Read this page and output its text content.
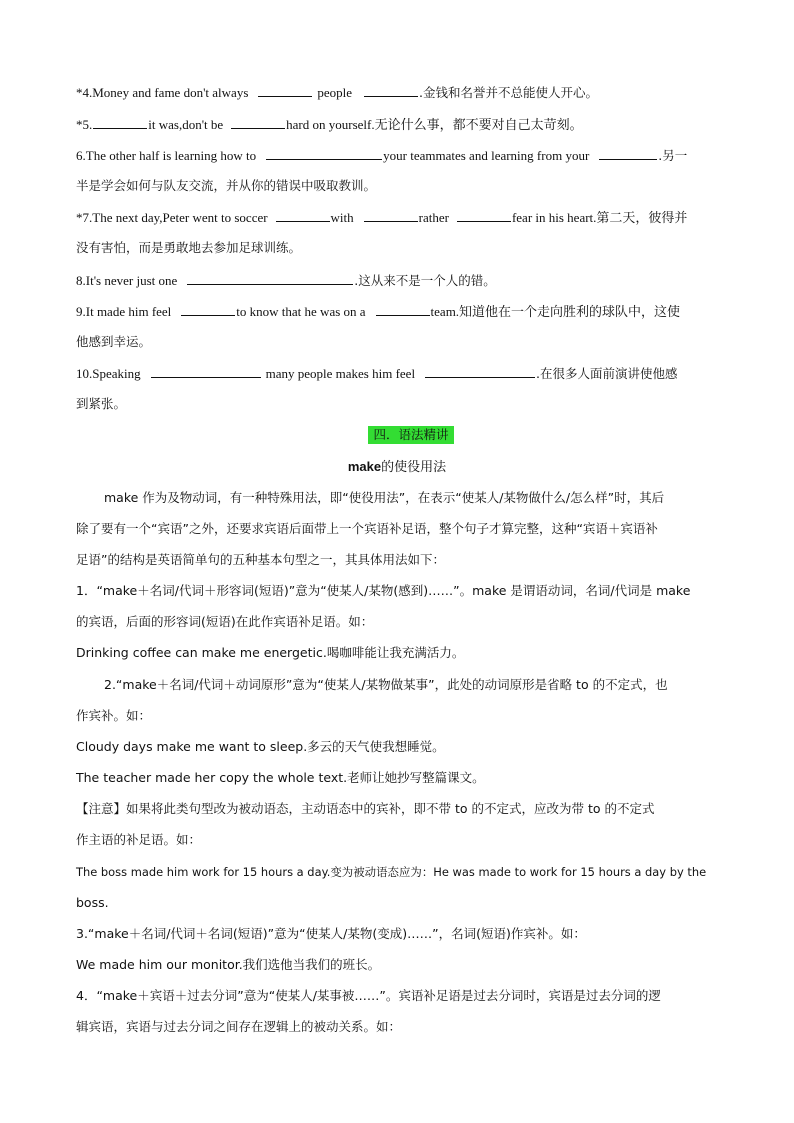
*4.Money and fame don't always	people	.金钱和名誉并不总能使人开心。
*5.	it was,don't be	hard on yourself.无论什么事，都不要对自己太苛刻。
6.The other half is learning how to	your teammates and learning from your	.另一
半是学会如何与队友交流，并从你的错误中吸取教训。
*7.The next day,Peter went to soccer	with	rather	fear in his heart.第二天，彼得并
没有害怕，而是勇敢地去参加足球训练。
8.It's never just one	.这从来不是一个人的错。
9.It made him feel	to know that he was on a	team.知道他在一个走向胜利的球队中，这使
他感到幸运。
10.Speaking	many people makes him feel	.在很多人面前演讲使他感
到紧张。
四．语法精讲
make的使役用法
make 作为及物动词，有一种特殊用法，即“使役用法”，在表示“使某人/某物做什么/怎么样”时，其后
除了要有一个“宾语”之外，还要求宾语后面带上一个宾语补足语，整个句子才算完整，这种“宾语＋宾语补
足语”的结构是英语简单句的五种基本句型之一，其具体用法如下：
1．“make＋名词/代词＋形容词(短语)”意为“使某人/某物(感到)……”。make 是谓语动词，名词/代词是 make
的宾语，后面的形容词(短语)在此作宾语补足语。如：
Drinking coffee can make me energetic.喝咖啡能让我充满活力。
2.“make＋名词/代词＋动词原形”意为“使某人/某物做某事”，此处的动词原形是省略 to 的不定式，也
作宾补。如：
Cloudy days make me want to sleep.多云的天气使我想睡觉。
The teacher made her copy the whole text.老师让她抄写整篇课文。
【注意】如果将此类句型改为被动语态，主动语态中的宾补，即不带 to 的不定式，应改为带 to 的不定式
作主语的补足语。如：
The boss made him work for 15 hours a day.变为被动语态应为：He was made to work for 15 hours a day by the
boss.
3.“make＋名词/代词＋名词(短语)”意为“使某人/某物(变成)……”，名词(短语)作宾补。如：
We made him our monitor.我们选他当我们的班长。
4．“make＋宾语＋过去分词”意为“使某人/某事被……”。宾语补足语是过去分词时，宾语是过去分词的逻
辑宾语，宾语与过去分词之间存在逻辑上的被动关系。如：
